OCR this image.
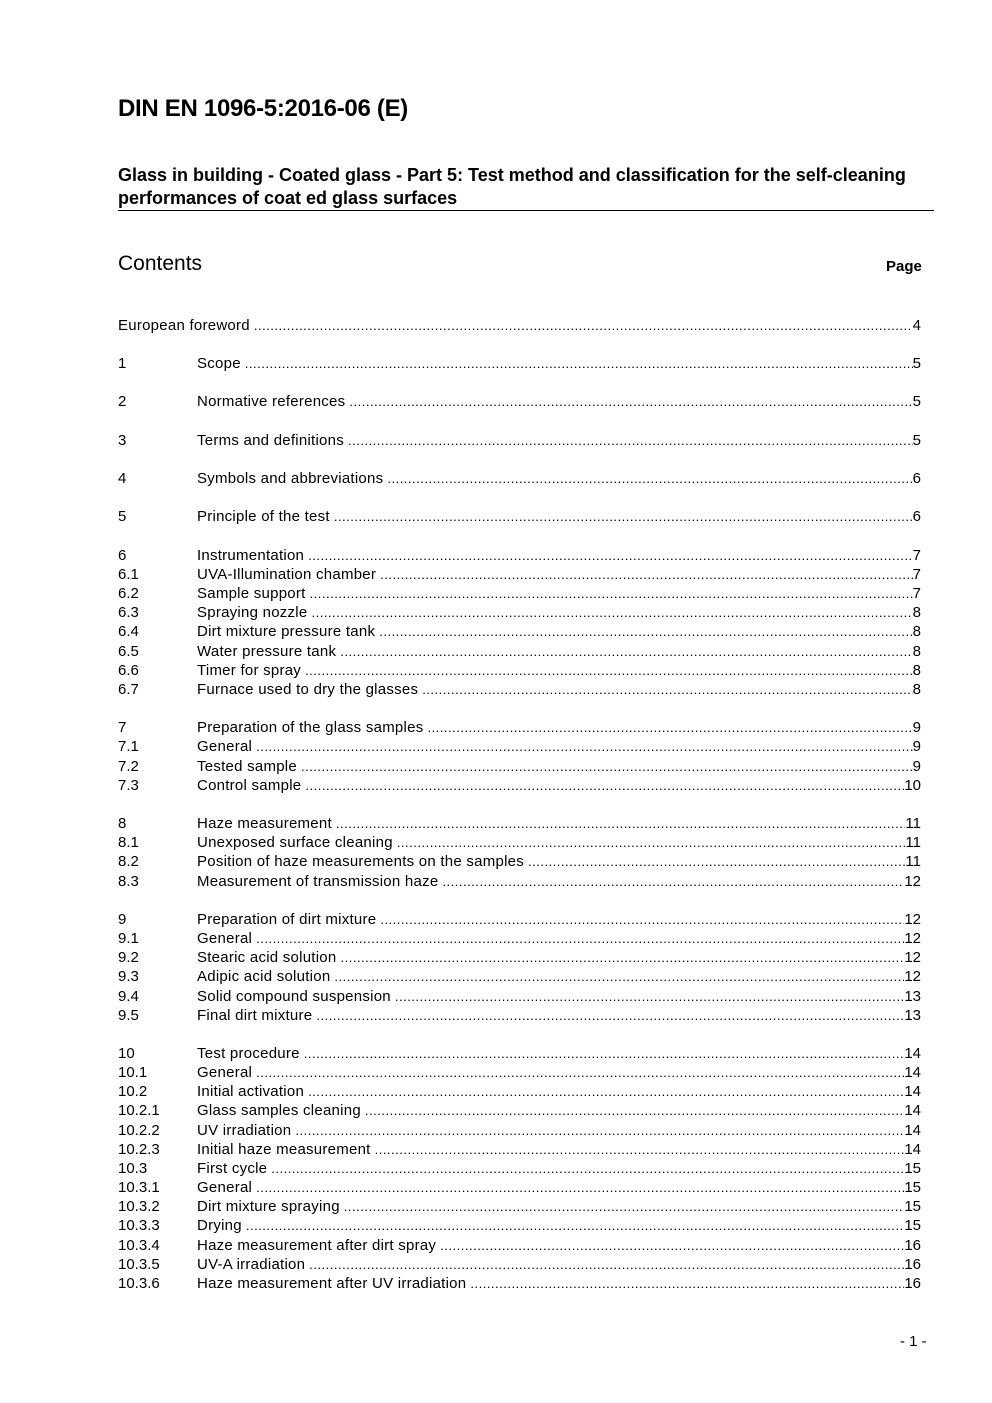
DIN EN 1096-5:2016-06 (E)
Glass in building - Coated glass - Part 5: Test method and classification for the self-cleaning performances of coat ed glass surfaces
Contents	Page
European foreword .....	4
1	Scope .....	5
2	Normative references .....	5
3	Terms and definitions .....	5
4	Symbols and abbreviations .....	6
5	Principle of the test .....	6
6	Instrumentation .....	7
6.1	UVA-Illumination chamber .....	7
6.2	Sample support .....	7
6.3	Spraying nozzle .....	8
6.4	Dirt mixture pressure tank .....	8
6.5	Water pressure tank .....	8
6.6	Timer for spray .....	8
6.7	Furnace used to dry the glasses .....	8
7	Preparation of the glass samples .....	9
7.1	General .....	9
7.2	Tested sample .....	9
7.3	Control sample .....	10
8	Haze measurement .....	11
8.1	Unexposed surface cleaning .....	11
8.2	Position of haze measurements on the samples .....	11
8.3	Measurement of transmission haze .....	12
9	Preparation of dirt mixture .....	12
9.1	General .....	12
9.2	Stearic acid solution .....	12
9.3	Adipic acid solution .....	12
9.4	Solid compound suspension .....	13
9.5	Final dirt mixture .....	13
10	Test procedure .....	14
10.1	General .....	14
10.2	Initial activation .....	14
10.2.1 Glass samples cleaning .....	14
10.2.2 UV irradiation .....	14
10.2.3 Initial haze measurement .....	14
10.3	First cycle .....	15
10.3.1 General .....	15
10.3.2 Dirt mixture spraying .....	15
10.3.3 Drying .....	15
10.3.4 Haze measurement after dirt spray .....	16
10.3.5 UV-A irradiation .....	16
10.3.6 Haze measurement after UV irradiation .....	16
- 1 -
